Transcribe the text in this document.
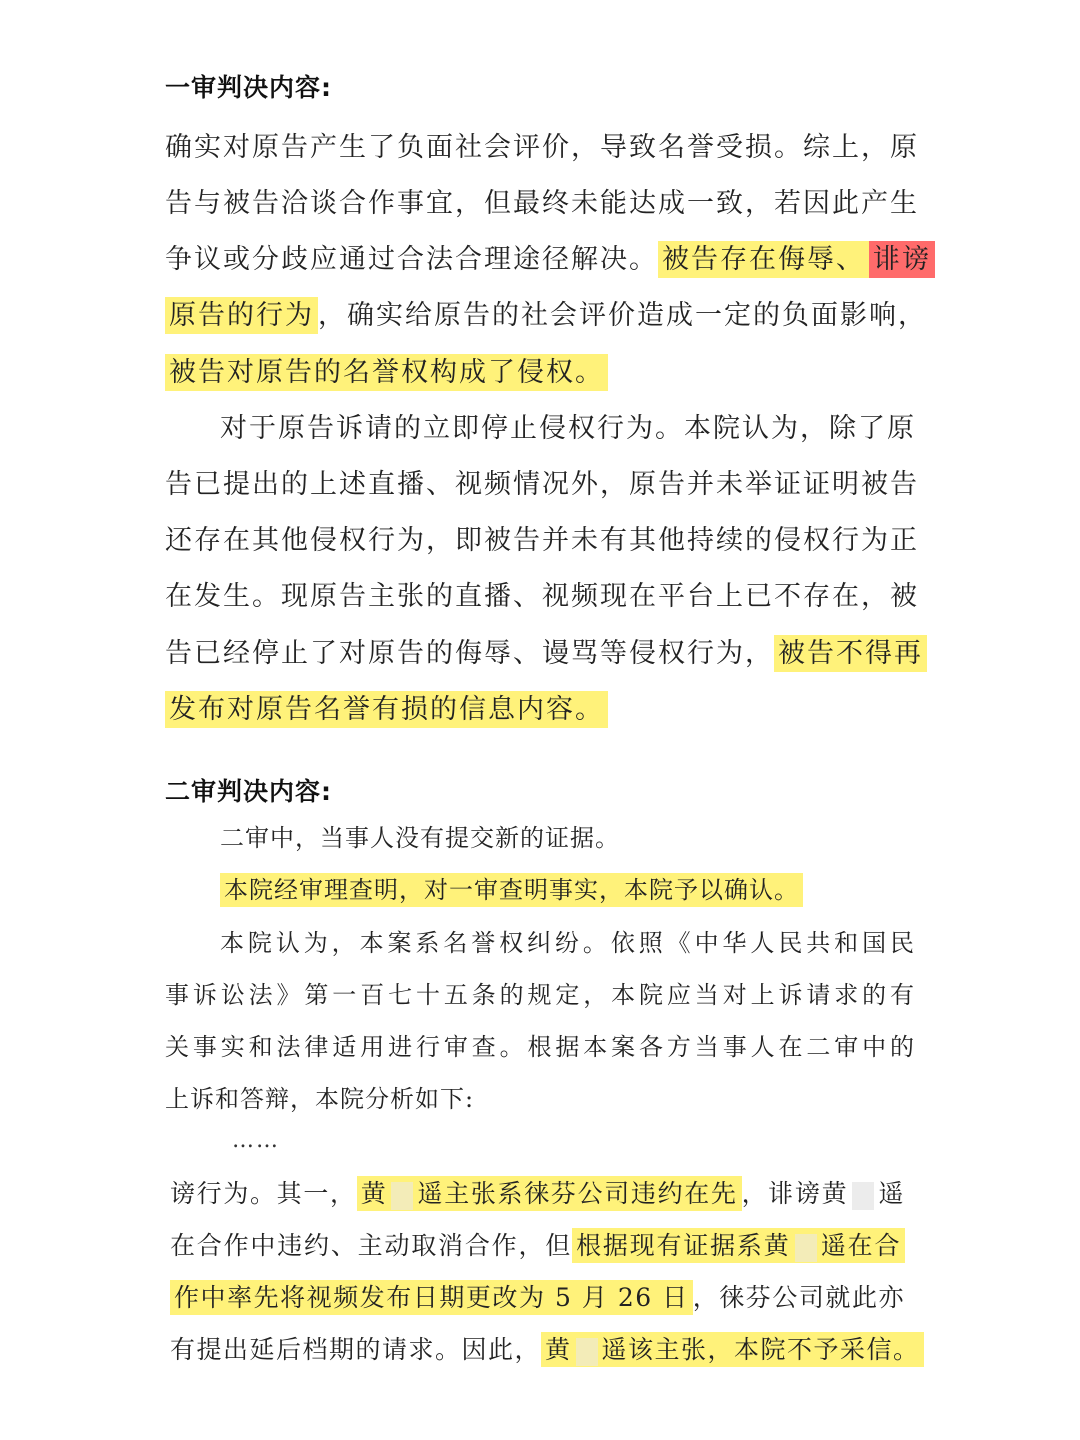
一审判决内容:
确实对原告产生了负面社会评价，导致名誉受损。综上，原
告与被告洽谈合作事宜，但最终未能达成一致，若因此产生
争议或分歧应通过合法合理途径解决。 被告存在侮辱、 诽谤
原告的行为 ，确实给原告的社会评价造成一定的负面影响，
被告对原告的名誉权构成了侵权。
对于原告诉请的立即停止侵权行为。本院认为，除了原
告已提出的上述直播、视频情况外，原告并未举证证明被告
还存在其他侵权行为，即被告并未有其他持续的侵权行为正
在发生。现原告主张的直播、视频现在平台上已不存在，被
告已经停止了对原告的侮辱、谩骂等侵权行为， 被告不得再
发布对原告名誉有损的信息内容。
二审判决内容:
二审中，当事人没有提交新的证据。
本院经审理查明，对一审查明事实，本院予以确认。
本院认为，本案系名誉权纠纷。依照《中华人民共和国民
事诉讼法》第一百七十五条的规定，本院应当对上诉请求的有
关事实和法律适用进行审查。根据本案各方当事人在二审中的
上诉和答辩，本院分析如下:
……
谤行为。其一， 黄 遥主张系徕芬公司违约在先 ，诽谤黄 遥
在合作中违约、主动取消合作，但 根据现有证据系黄 遥在合
作中率先将视频发布日期更改为 5 月 26 日 ，徕芬公司就此亦
有提出延后档期的请求。因此， 黄 遥该主张，本院不予采信。
